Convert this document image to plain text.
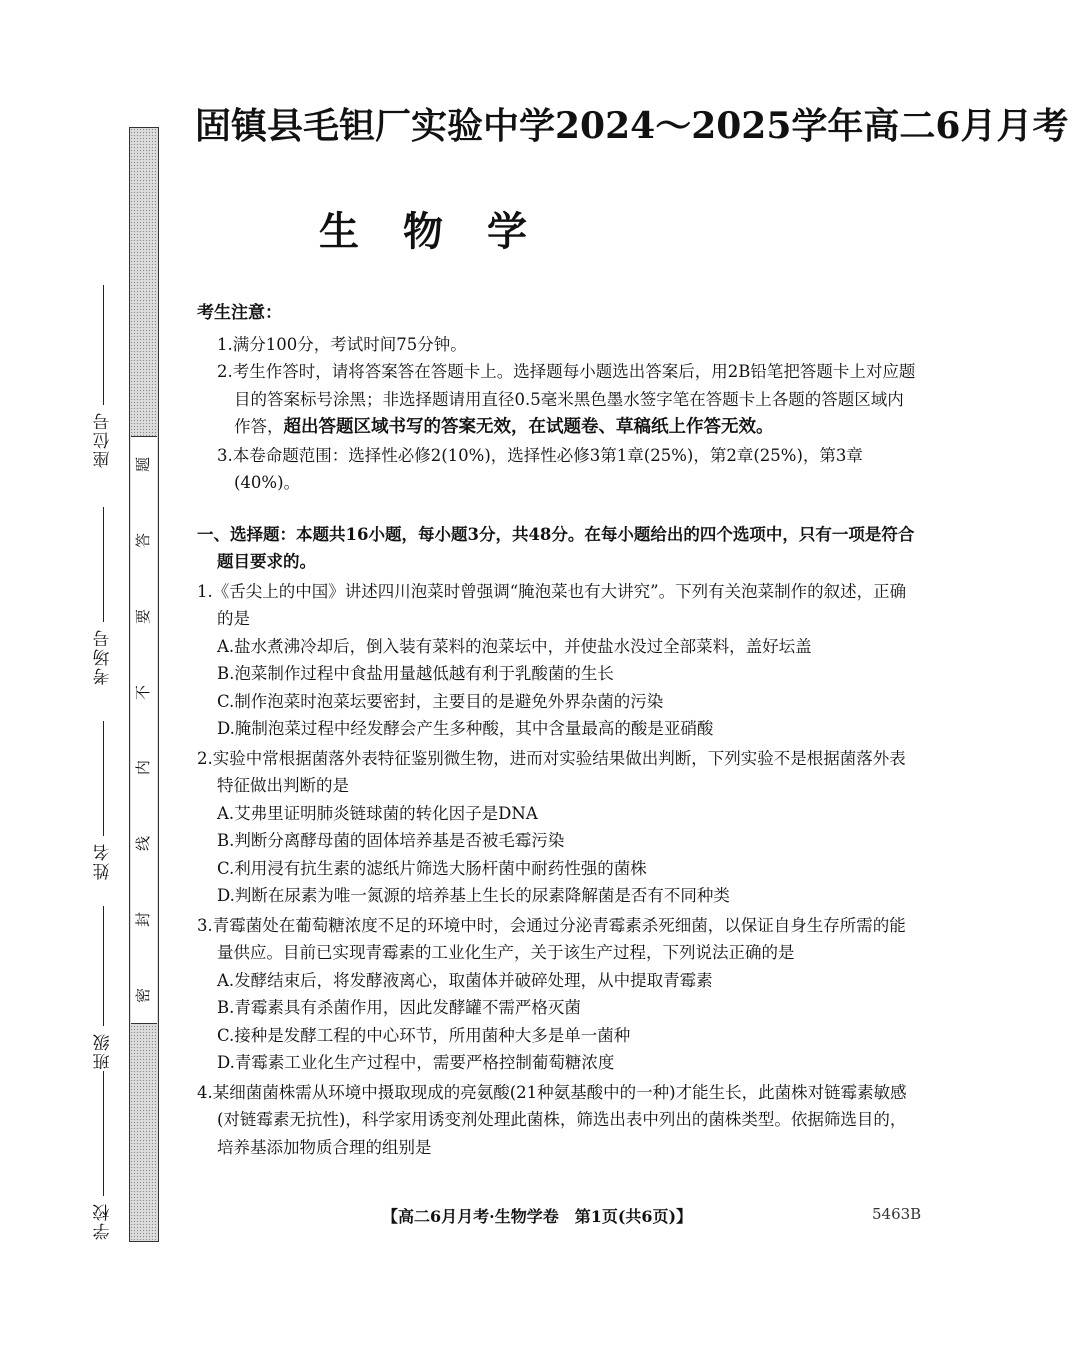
座位号
考场号
姓名
班级
学校
密
封
线
内
不
要
答
题
固镇县毛钽厂实验中学2024～2025学年高二6月月考
生物学
考生注意：

1.满分100分，考试时间75分钟。

2.考生作答时，请将答案答在答题卡上。选择题每小题选出答案后，用2B铅笔把答题卡上对应题目的答案标号涂黑；非选择题请用直径0.5毫米黑色墨水签字笔在答题卡上各题的答题区域内作答，超出答题区域书写的答案无效，在试题卷、草稿纸上作答无效。

3.本卷命题范围：选择性必修2(10%)，选择性必修3第1章(25%)，第2章(25%)，第3章(40%)。

一、选择题：本题共16小题，每小题3分，共48分。在每小题给出的四个选项中，只有一项是符合题目要求的。

1.《舌尖上的中国》讲述四川泡菜时曾强调“腌泡菜也有大讲究”。下列有关泡菜制作的叙述，正确的是

A.盐水煮沸冷却后，倒入装有菜料的泡菜坛中，并使盐水没过全部菜料，盖好坛盖

B.泡菜制作过程中食盐用量越低越有利于乳酸菌的生长

C.制作泡菜时泡菜坛要密封，主要目的是避免外界杂菌的污染

D.腌制泡菜过程中经发酵会产生多种酸，其中含量最高的酸是亚硝酸

2.实验中常根据菌落外表特征鉴别微生物，进而对实验结果做出判断，下列实验不是根据菌落外表特征做出判断的是

A.艾弗里证明肺炎链球菌的转化因子是DNA

B.判断分离酵母菌的固体培养基是否被毛霉污染

C.利用浸有抗生素的滤纸片筛选大肠杆菌中耐药性强的菌株

D.判断在尿素为唯一氮源的培养基上生长的尿素降解菌是否有不同种类

3.青霉菌处在葡萄糖浓度不足的环境中时，会通过分泌青霉素杀死细菌，以保证自身生存所需的能量供应。目前已实现青霉素的工业化生产，关于该生产过程，下列说法正确的是

A.发酵结束后，将发酵液离心，取菌体并破碎处理，从中提取青霉素

B.青霉素具有杀菌作用，因此发酵罐不需严格灭菌

C.接种是发酵工程的中心环节，所用菌种大多是单一菌种

D.青霉素工业化生产过程中，需要严格控制葡萄糖浓度

4.某细菌菌株需从环境中摄取现成的亮氨酸(21种氨基酸中的一种)才能生长，此菌株对链霉素敏感(对链霉素无抗性)，科学家用诱变剂处理此菌株，筛选出表中列出的菌株类型。依据筛选目的，培养基添加物质合理的组别是

【高二6月月考·生物学卷　第1页(共6页)】	5463B
